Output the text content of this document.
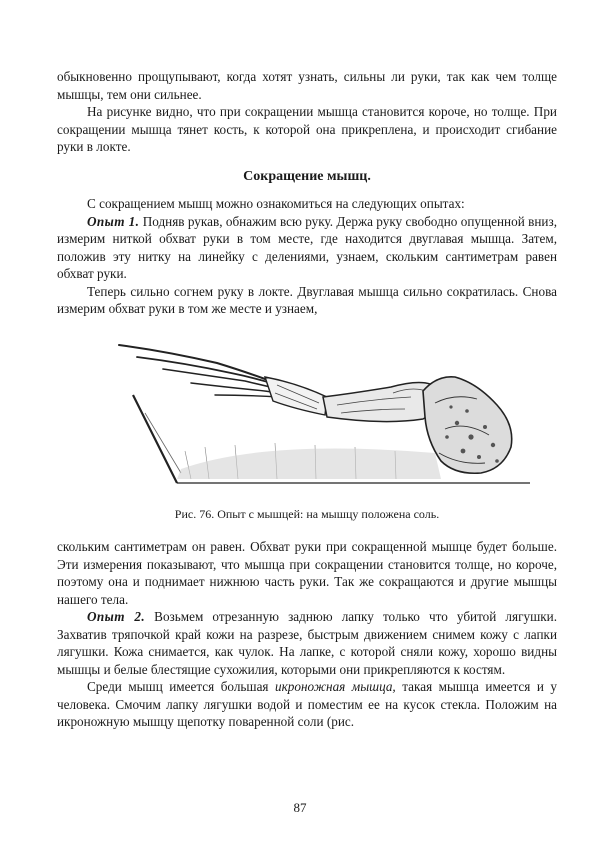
обыкновенно прощупывают, когда хотят узнать, сильны ли руки, так как чем толще мышцы, тем они сильнее.

На рисунке видно, что при сокращении мышца становится короче, но толще. При сокращении мышца тянет кость, к которой она прикреплена, и происходит сгибание руки в локте.

Сокращение мышц.

С сокращением мышц можно ознакомиться на следующих опытах:

Опыт 1. Подняв рукав, обнажим всю руку. Держа руку свободно опущенной вниз, измерим ниткой обхват руки в том месте, где находится двуглавая мышца. Затем, положив эту нитку на линейку с делениями, узнаем, скольким сантиметрам равен обхват руки.

Теперь сильно согнем руку в локте. Двуглавая мышца сильно сократилась. Снова измерим обхват руки в том же месте и узнаем,

Рис. 76. Опыт с мышцей: на мышцу положена соль.

скольким сантиметрам он равен. Обхват руки при сокращенной мышце будет больше. Эти измерения показывают, что мышца при сокращении становится толще, но короче, поэтому она и поднимает нижнюю часть руки. Так же сокращаются и другие мышцы нашего тела.

Опыт 2. Возьмем отрезанную заднюю лапку только что убитой лягушки. Захватив тряпочкой край кожи на разрезе, быстрым движением снимем кожу с лапки лягушки. Кожа снимается, как чулок. На лапке, с которой сняли кожу, хорошо видны мышцы и белые блестящие сухожилия, которыми они прикрепляются к костям.

Среди мышц имеется большая икроножная мышца, такая мышца имеется и у человека. Смочим лапку лягушки водой и поместим ее на кусок стекла. Положим на икроножную мышцу щепотку поваренной соли (рис.

87
